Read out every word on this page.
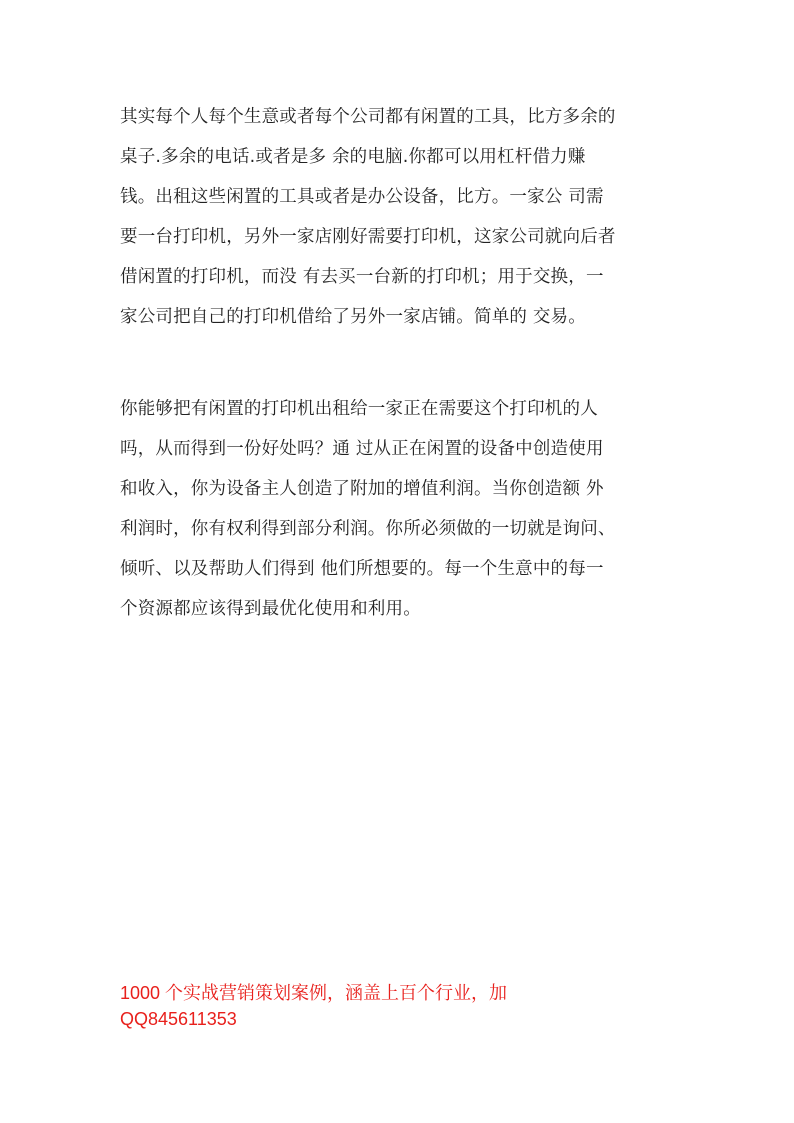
其实每个人每个生意或者每个公司都有闲置的工具，比方多余的
桌子.多余的电话.或者是多 余的电脑.你都可以用杠杆借力赚
钱。出租这些闲置的工具或者是办公设备，比方。一家公 司需
要一台打印机，另外一家店刚好需要打印机，这家公司就向后者
借闲置的打印机，而没 有去买一台新的打印机；用于交换，一
家公司把自己的打印机借给了另外一家店铺。简单的 交易。
你能够把有闲置的打印机出租给一家正在需要这个打印机的人
吗，从而得到一份好处吗？通 过从正在闲置的设备中创造使用
和收入，你为设备主人创造了附加的增值利润。当你创造额 外
利润时，你有权利得到部分利润。你所必须做的一切就是询问、
倾听、以及帮助人们得到 他们所想要的。每一个生意中的每一
个资源都应该得到最优化使用和利用。
1000 个实战营销策划案例，涵盖上百个行业，加
QQ845611353
